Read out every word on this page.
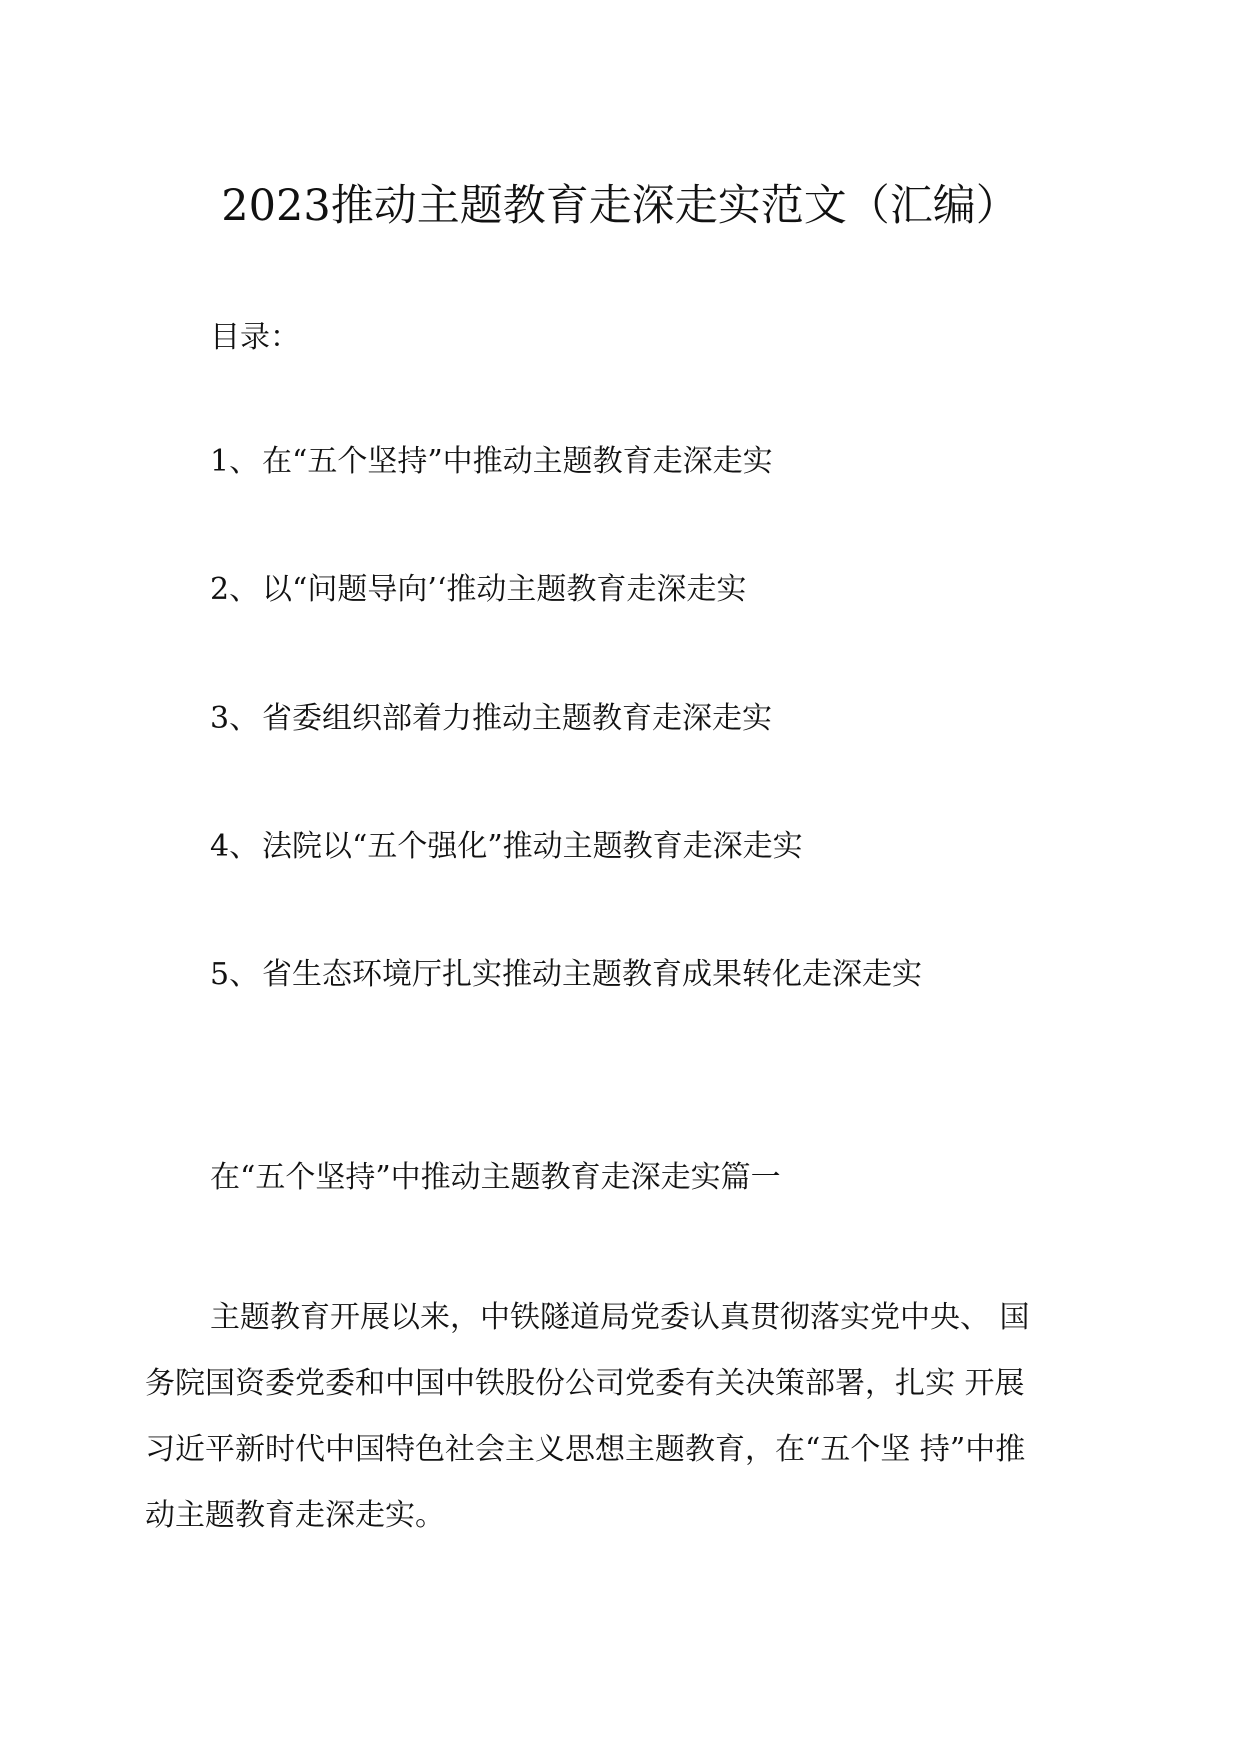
2023推动主题教育走深走实范文（汇编）
目录：
1、在“五个坚持”中推动主题教育走深走实
2、以“问题导向’‘推动主题教育走深走实
3、省委组织部着力推动主题教育走深走实
4、法院以“五个强化”推动主题教育走深走实
5、省生态环境厅扎实推动主题教育成果转化走深走实
在“五个坚持”中推动主题教育走深走实篇一
主题教育开展以来，中铁隧道局党委认真贯彻落实党中央、 国
务院国资委党委和中国中铁股份公司党委有关决策部署，扎实 开展
习近平新时代中国特色社会主义思想主题教育，在“五个坚 持”中推
动主题教育走深走实。
